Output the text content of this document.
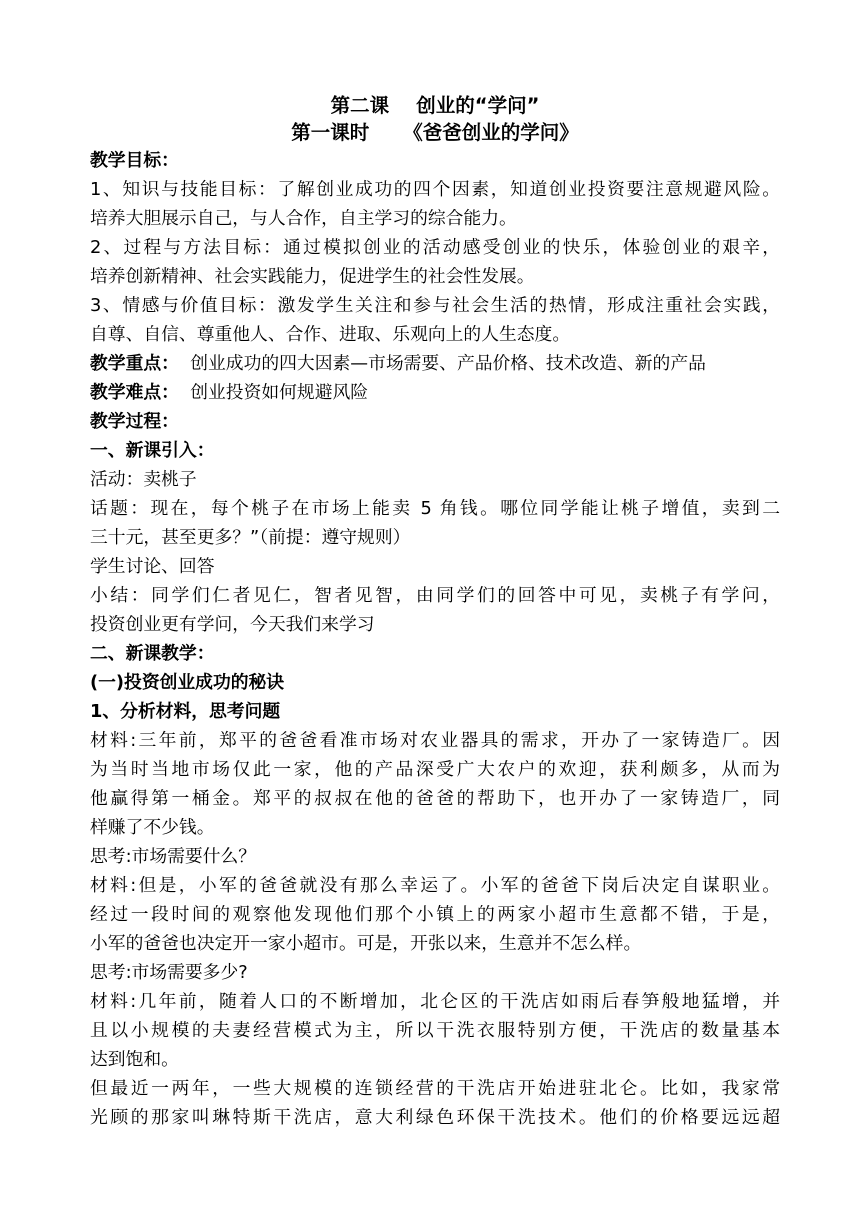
第二课    创业的“学问”
第一课时     《爸爸创业的学问》
教学目标：
1、知识与技能目标：了解创业成功的四个因素，知道创业投资要注意规避风险。
培养大胆展示自己，与人合作，自主学习的综合能力。
2、过程与方法目标：通过模拟创业的活动感受创业的快乐，体验创业的艰辛，
培养创新精神、社会实践能力，促进学生的社会性发展。
3、情感与价值目标：激发学生关注和参与社会生活的热情，形成注重社会实践，
自尊、自信、尊重他人、合作、进取、乐观向上的人生态度。
教学重点：  创业成功的四大因素—市场需要、产品价格、技术改造、新的产品
教学难点：  创业投资如何规避风险
教学过程：
一、新课引入：
活动：卖桃子
话题：现在，每个桃子在市场上能卖 5 角钱。哪位同学能让桃子增值，卖到二
三十元，甚至更多？”（前提：遵守规则）
学生讨论、回答
小结：同学们仁者见仁，智者见智，由同学们的回答中可见，卖桃子有学问，
投资创业更有学问，今天我们来学习
二、新课教学：
(一)投资创业成功的秘诀
1、分析材料，思考问题
材料:三年前，郑平的爸爸看准市场对农业器具的需求，开办了一家铸造厂。因
为当时当地市场仅此一家，他的产品深受广大农户的欢迎，获利颇多，从而为
他赢得第一桶金。郑平的叔叔在他的爸爸的帮助下，也开办了一家铸造厂，同
样赚了不少钱。
思考:市场需要什么？
材料:但是，小军的爸爸就没有那么幸运了。小军的爸爸下岗后决定自谋职业。
经过一段时间的观察他发现他们那个小镇上的两家小超市生意都不错，于是，
小军的爸爸也决定开一家小超市。可是，开张以来，生意并不怎么样。
思考:市场需要多少?
材料:几年前，随着人口的不断增加，北仑区的干洗店如雨后春笋般地猛增，并
且以小规模的夫妻经营模式为主，所以干洗衣服特别方便，干洗店的数量基本
达到饱和。
但最近一两年，一些大规模的连锁经营的干洗店开始进驻北仑。比如，我家常
光顾的那家叫琳特斯干洗店，意大利绿色环保干洗技术。他们的价格要远远超
